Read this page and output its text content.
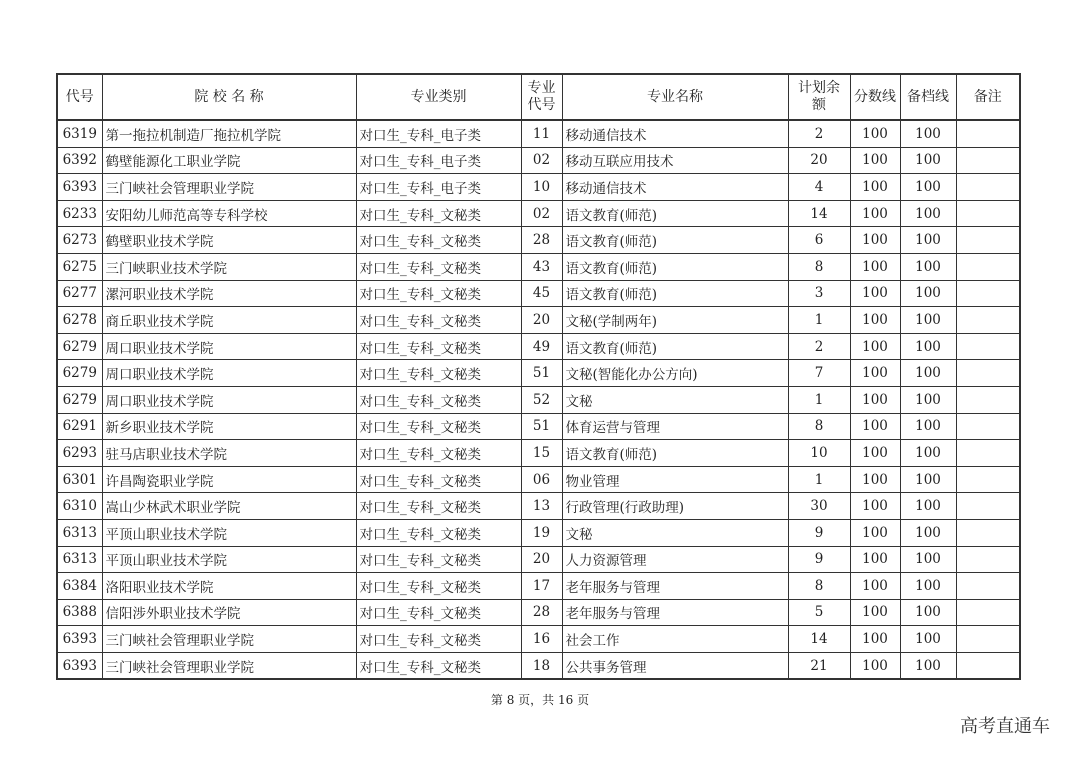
代号	院 校 名 称	专业类别	专业代号	专业名称	计划余额	分数线	备档线	备注
6319	第一拖拉机制造厂拖拉机学院	对口生_专科_电子类	11	移动通信技术	2	100	100	
6392	鹤壁能源化工职业学院	对口生_专科_电子类	02	移动互联应用技术	20	100	100	
6393	三门峡社会管理职业学院	对口生_专科_电子类	10	移动通信技术	4	100	100	
6233	安阳幼儿师范高等专科学校	对口生_专科_文秘类	02	语文教育(师范)	14	100	100	
6273	鹤壁职业技术学院	对口生_专科_文秘类	28	语文教育(师范)	6	100	100	
6275	三门峡职业技术学院	对口生_专科_文秘类	43	语文教育(师范)	8	100	100	
6277	漯河职业技术学院	对口生_专科_文秘类	45	语文教育(师范)	3	100	100	
6278	商丘职业技术学院	对口生_专科_文秘类	20	文秘(学制两年)	1	100	100	
6279	周口职业技术学院	对口生_专科_文秘类	49	语文教育(师范)	2	100	100	
6279	周口职业技术学院	对口生_专科_文秘类	51	文秘(智能化办公方向)	7	100	100	
6279	周口职业技术学院	对口生_专科_文秘类	52	文秘	1	100	100	
6291	新乡职业技术学院	对口生_专科_文秘类	51	体育运营与管理	8	100	100	
6293	驻马店职业技术学院	对口生_专科_文秘类	15	语文教育(师范)	10	100	100	
6301	许昌陶瓷职业学院	对口生_专科_文秘类	06	物业管理	1	100	100	
6310	嵩山少林武术职业学院	对口生_专科_文秘类	13	行政管理(行政助理)	30	100	100	
6313	平顶山职业技术学院	对口生_专科_文秘类	19	文秘	9	100	100	
6313	平顶山职业技术学院	对口生_专科_文秘类	20	人力资源管理	9	100	100	
6384	洛阳职业技术学院	对口生_专科_文秘类	17	老年服务与管理	8	100	100	
6388	信阳涉外职业技术学院	对口生_专科_文秘类	28	老年服务与管理	5	100	100	
6393	三门峡社会管理职业学院	对口生_专科_文秘类	16	社会工作	14	100	100	
6393	三门峡社会管理职业学院	对口生_专科_文秘类	18	公共事务管理	21	100	100	
第 8 页，共 16 页
高考直通车
